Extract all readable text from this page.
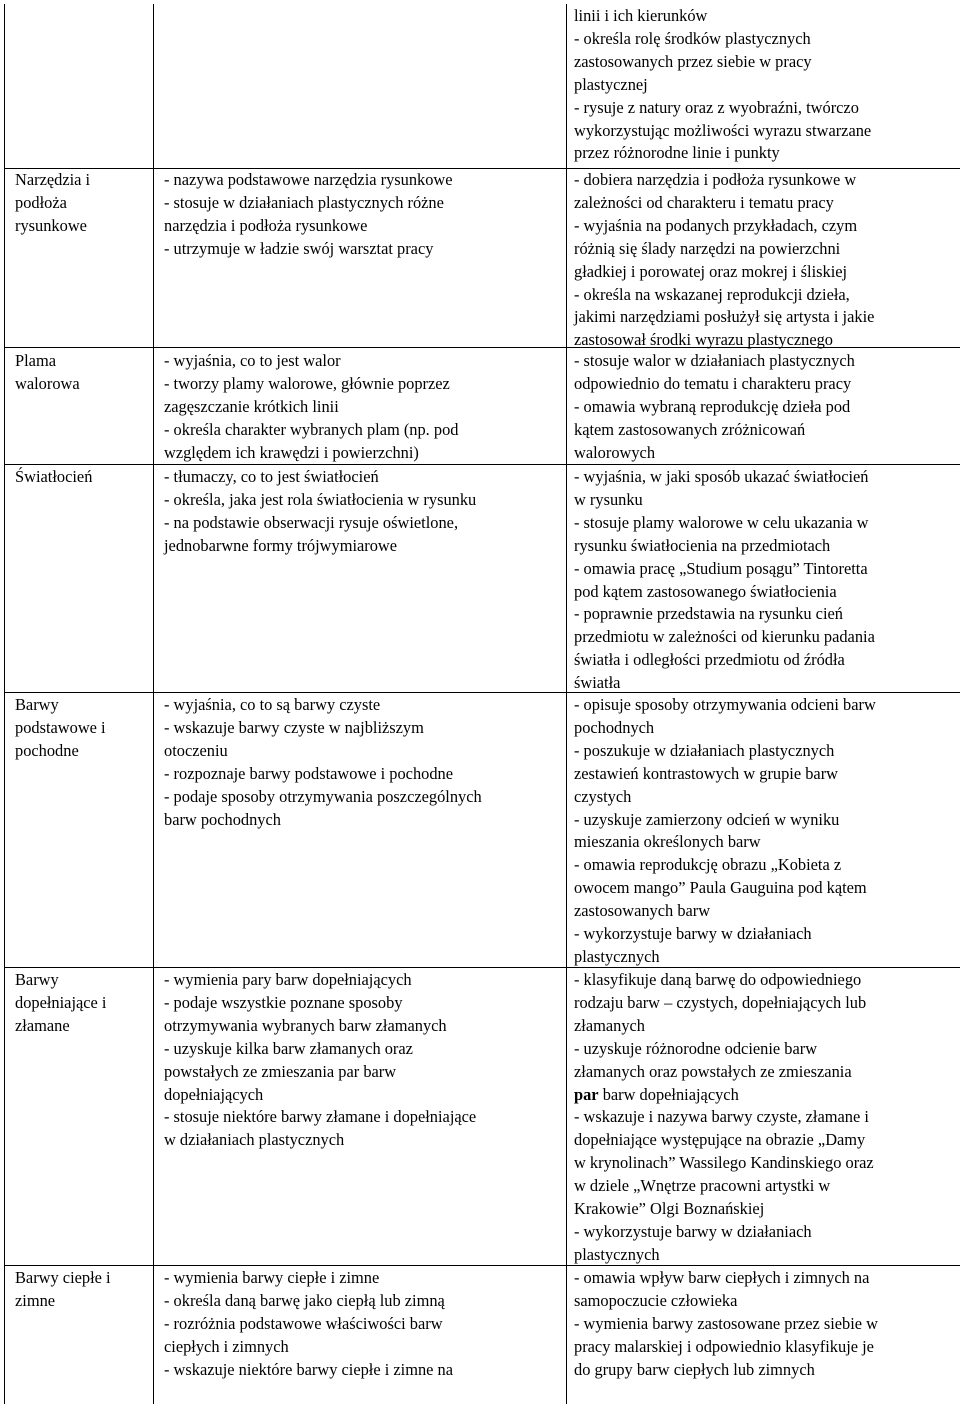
linii i ich kierunków
- określa rolę środków plastycznych
zastosowanych przez siebie w pracy
plastycznej
- rysuje z natury oraz z wyobraźni, twórczo
wykorzystując możliwości wyrazu stwarzane
przez różnorodne linie i punkty
Narzędzia i
podłoża
rysunkowe
- nazywa podstawowe narzędzia rysunkowe
- stosuje w działaniach plastycznych różne
narzędzia i podłoża rysunkowe
- utrzymuje w ładzie swój warsztat pracy
- dobiera narzędzia i podłoża rysunkowe w
zależności od charakteru i tematu pracy
- wyjaśnia na podanych przykładach, czym
różnią się ślady narzędzi na powierzchni
gładkiej i porowatej oraz mokrej i śliskiej
- określa na wskazanej reprodukcji dzieła,
jakimi narzędziami posłużył się artysta i jakie
zastosował środki wyrazu plastycznego
Plama
walorowa
- wyjaśnia, co to jest walor
- tworzy plamy walorowe, głównie poprzez
zagęszczanie krótkich linii
- określa charakter wybranych plam (np. pod
względem ich krawędzi i powierzchni)
- stosuje walor w działaniach plastycznych
odpowiednio do tematu i charakteru pracy
- omawia wybraną reprodukcję dzieła pod
kątem zastosowanych zróżnicowań
walorowych
Światłocień	- tłumaczy, co to jest światłocień
- określa, jaka jest rola światłocienia w rysunku
- na podstawie obserwacji rysuje oświetlone,
jednobarwne formy trójwymiarowe
- wyjaśnia, w jaki sposób ukazać światłocień
w rysunku
- stosuje plamy walorowe w celu ukazania w
rysunku światłocienia na przedmiotach
- omawia pracę „Studium posągu” Tintoretta
pod kątem zastosowanego światłocienia
- poprawnie przedstawia na rysunku cień
przedmiotu w zależności od kierunku padania
światła i odległości przedmiotu od źródła
światła
Barwy
podstawowe i
pochodne
- wyjaśnia, co to są barwy czyste
- wskazuje barwy czyste w najbliższym
otoczeniu
- rozpoznaje barwy podstawowe i pochodne
- podaje sposoby otrzymywania poszczególnych
barw pochodnych
- opisuje sposoby otrzymywania odcieni barw
pochodnych
- poszukuje w działaniach plastycznych
zestawień kontrastowych w grupie barw
czystych
- uzyskuje zamierzony odcień w wyniku
mieszania określonych barw
- omawia reprodukcję obrazu „Kobieta z
owocem mango” Paula Gauguina pod kątem
zastosowanych barw
- wykorzystuje barwy w działaniach
plastycznych
Barwy
dopełniające i
złamane
- wymienia pary barw dopełniających
- podaje wszystkie poznane sposoby
otrzymywania wybranych barw złamanych
- uzyskuje kilka barw złamanych oraz
powstałych ze zmieszania par barw
dopełniających
- stosuje niektóre barwy złamane i dopełniające
w działaniach plastycznych
- klasyfikuje daną barwę do odpowiedniego
rodzaju barw – czystych, dopełniających lub
złamanych
- uzyskuje różnorodne odcienie barw
złamanych oraz powstałych ze zmieszania
par barw dopełniających
- wskazuje i nazywa barwy czyste, złamane i
dopełniające występujące na obrazie „Damy
w krynolinach” Wassilego Kandinskiego oraz
w dziele „Wnętrze pracowni artystki w
Krakowie” Olgi Boznańskiej
- wykorzystuje barwy w działaniach
plastycznych
Barwy ciepłe i
zimne
- wymienia barwy ciepłe i zimne
- określa daną barwę jako ciepłą lub zimną
- rozróżnia podstawowe właściwości barw
ciepłych i zimnych
- wskazuje niektóre barwy ciepłe i zimne na
- omawia wpływ barw ciepłych i zimnych na
samopoczucie człowieka
- wymienia barwy zastosowane przez siebie w
pracy malarskiej i odpowiednio klasyfikuje je
do grupy barw ciepłych lub zimnych
